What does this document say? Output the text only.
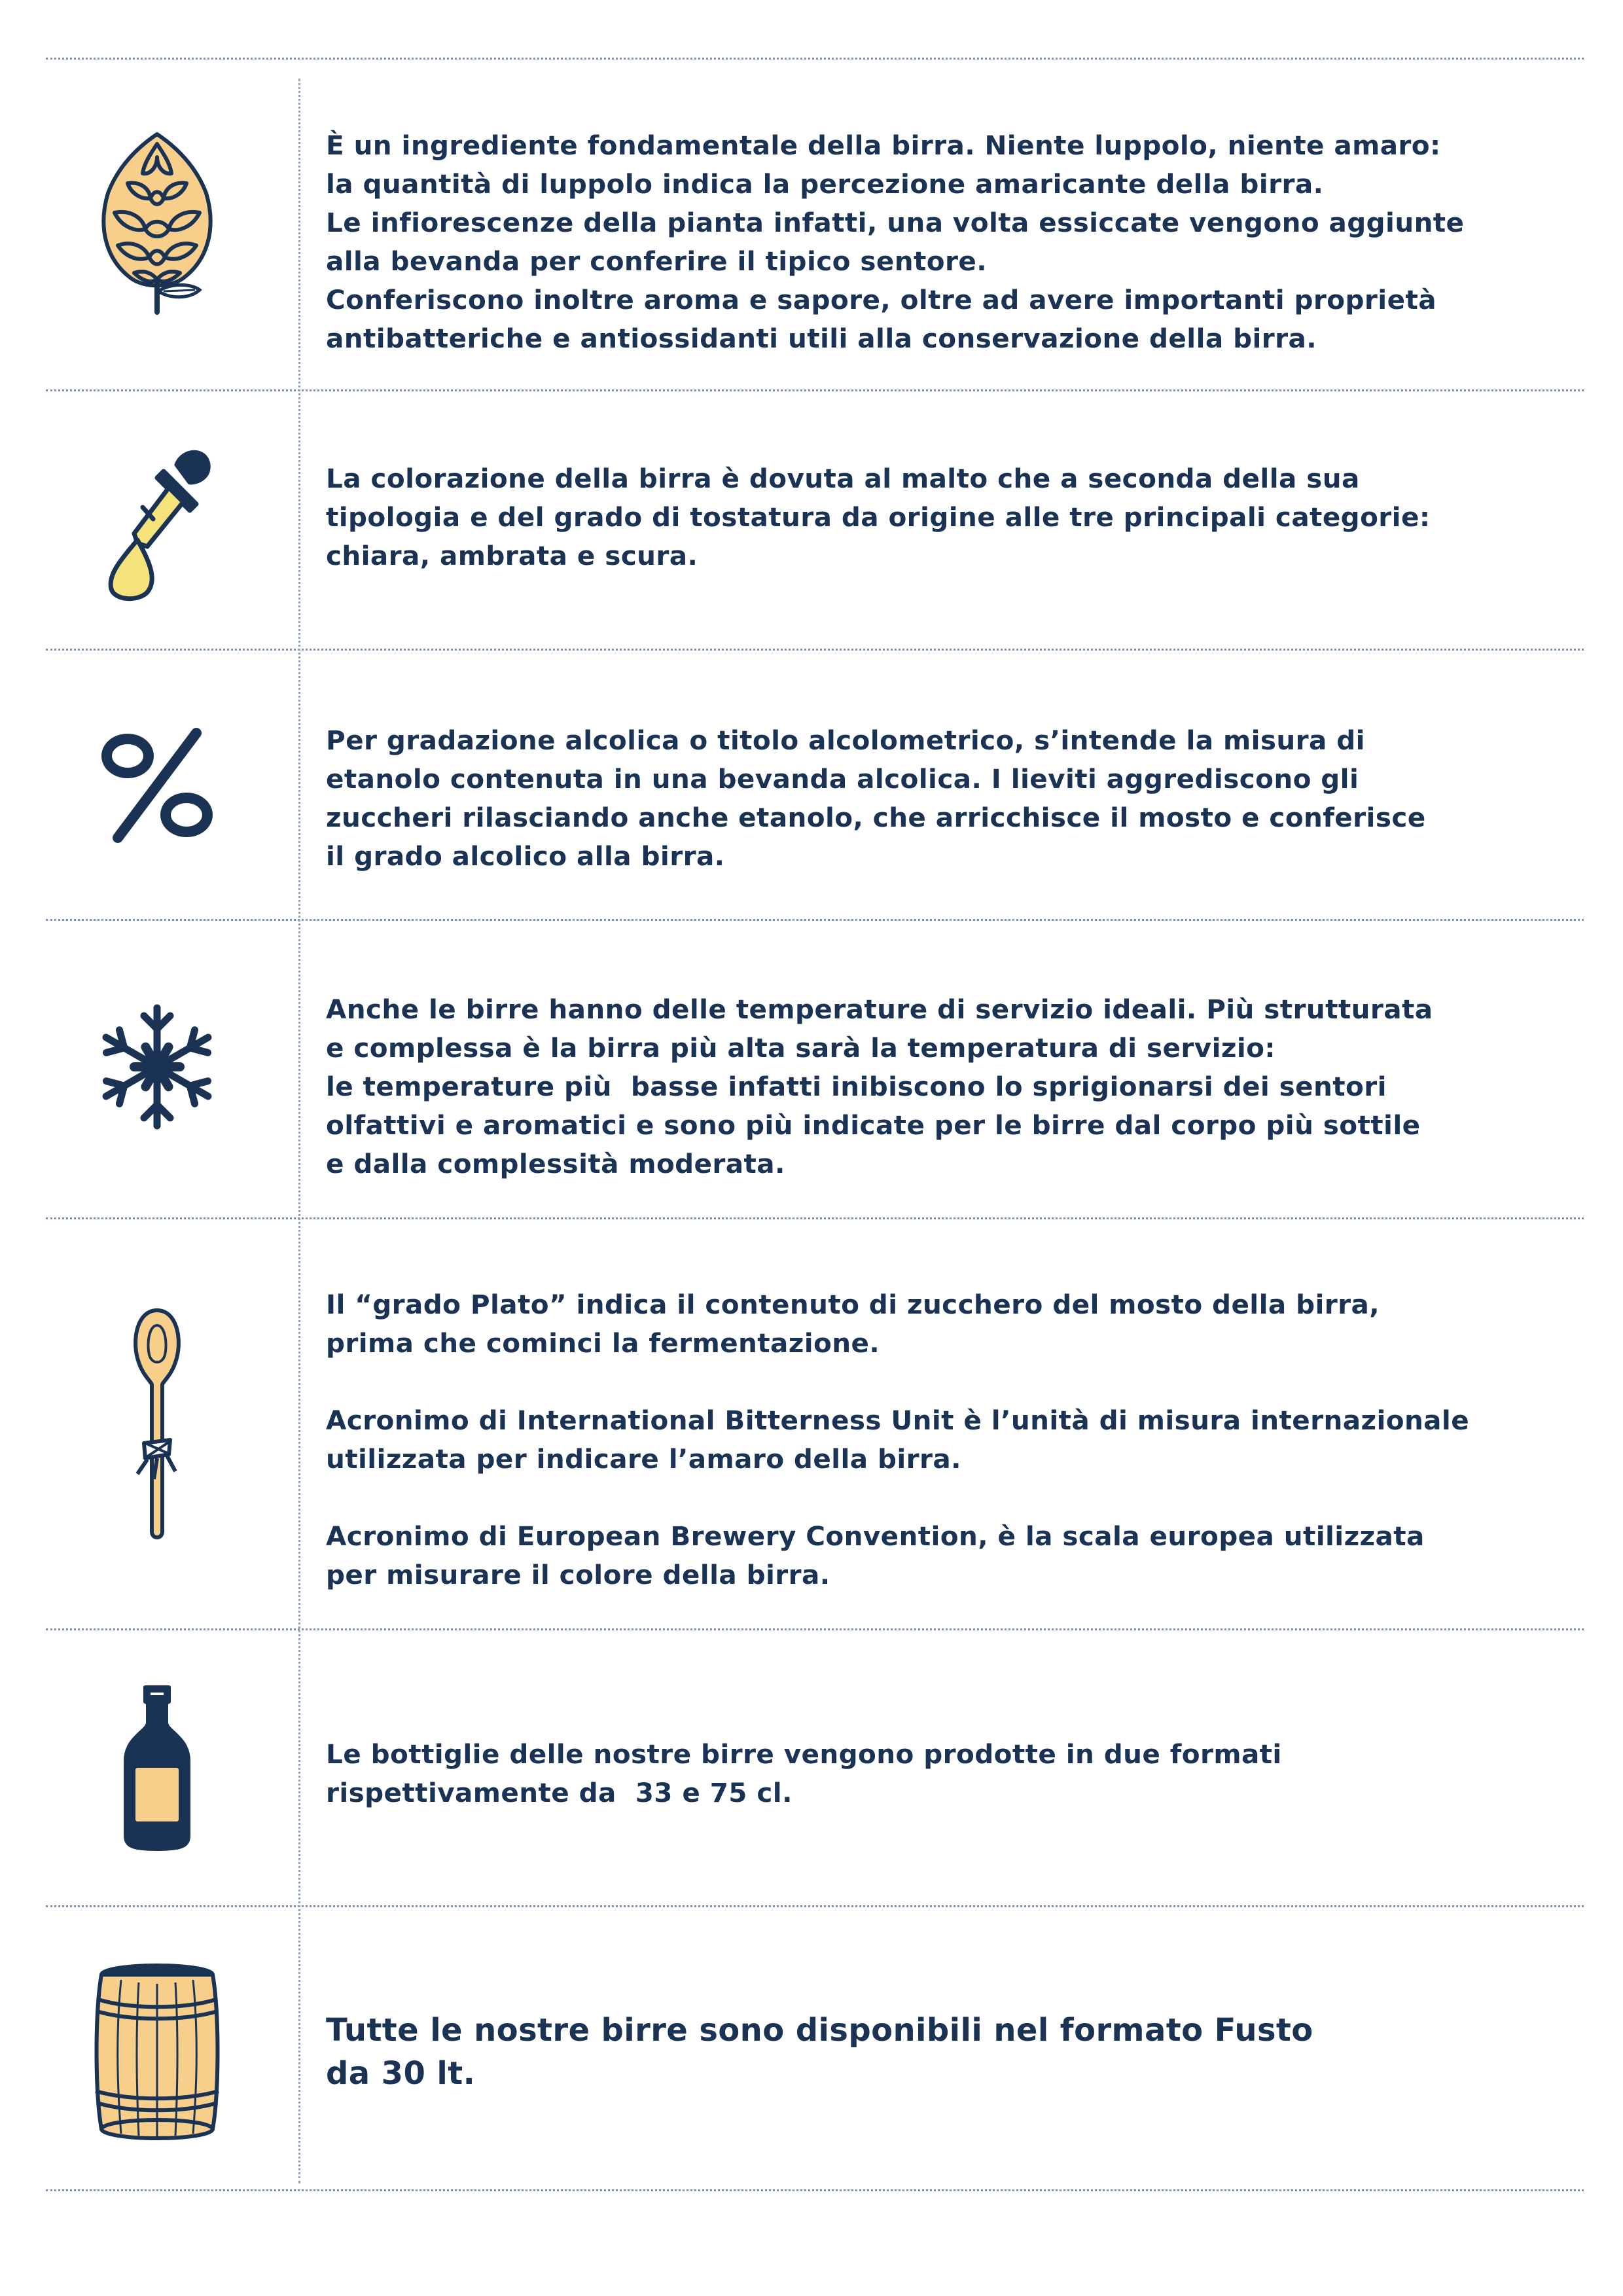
È un ingrediente fondamentale della birra. Niente luppolo, niente amaro:

la quantità di luppolo indica la percezione amaricante della birra.

Le infiorescenze della pianta infatti, una volta essiccate vengono aggiunte

alla bevanda per conferire il tipico sentore.

Conferiscono inoltre aroma e sapore, oltre ad avere importanti proprietà

antibatteriche e antiossidanti utili alla conservazione della birra.

La colorazione della birra è dovuta al malto che a seconda della sua

tipologia e del grado di tostatura da origine alle tre principali categorie:

chiara, ambrata e scura.

Per gradazione alcolica o titolo alcolometrico, s’intende la misura di

etanolo contenuta in una bevanda alcolica. I lieviti aggrediscono gli

zuccheri rilasciando anche etanolo, che arricchisce il mosto e conferisce

il grado alcolico alla birra.

Anche le birre hanno delle temperature di servizio ideali. Più strutturata

e complessa è la birra più alta sarà la temperatura di servizio:

le temperature più  basse infatti inibiscono lo sprigionarsi dei sentori

olfattivi e aromatici e sono più indicate per le birre dal corpo più sottile

e dalla complessità moderata.

Il “grado Plato” indica il contenuto di zucchero del mosto della birra,

prima che cominci la fermentazione.

Acronimo di International Bitterness Unit è l’unità di misura internazionale

utilizzata per indicare l’amaro della birra.

Acronimo di European Brewery Convention, è la scala europea utilizzata

per misurare il colore della birra.

Le bottiglie delle nostre birre vengono prodotte in due formati

rispettivamente da  33 e 75 cl.

Tutte le nostre birre sono disponibili nel formato Fusto

da 30 lt.
